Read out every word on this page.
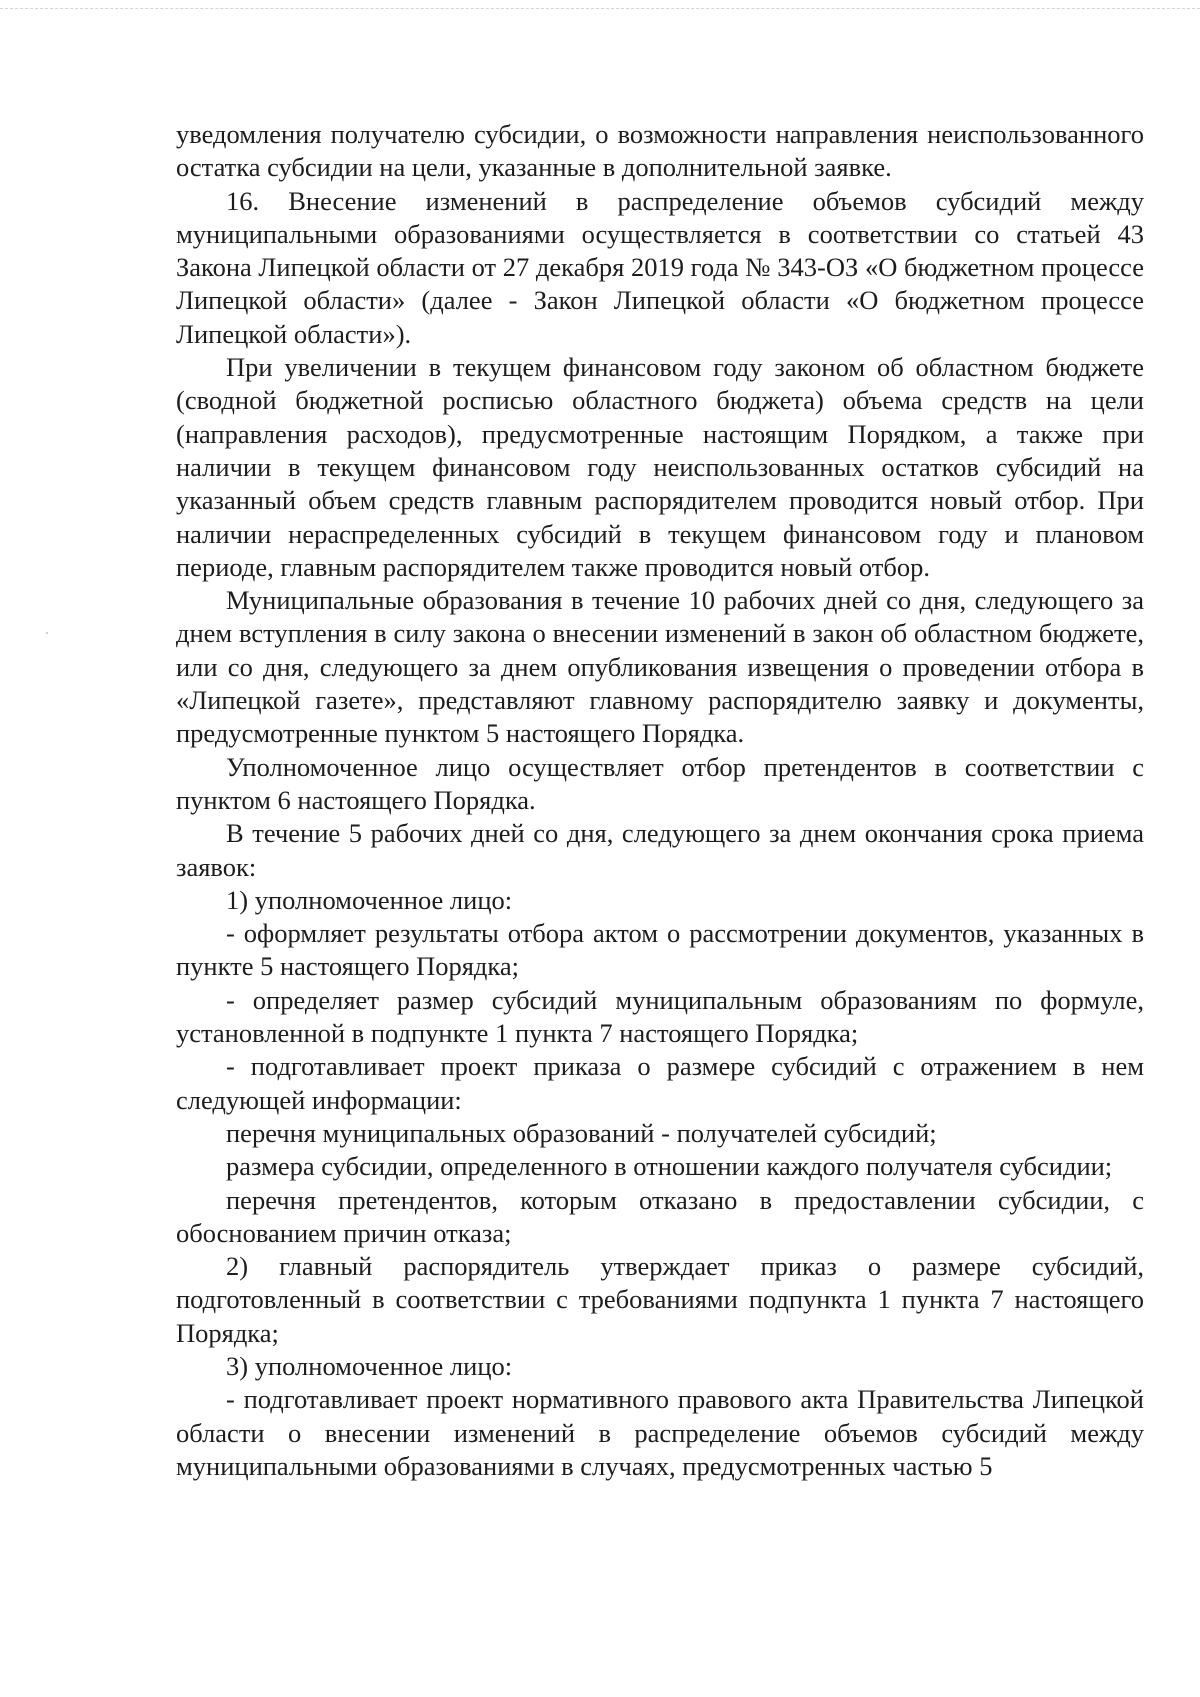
уведомления получателю субсидии, о возможности направления неиспользованного остатка субсидии на цели, указанные в дополнительной заявке.

16. Внесение изменений в распределение объемов субсидий между муниципальными образованиями осуществляется в соответствии со статьей 43 Закона Липецкой области от 27 декабря 2019 года № 343-ОЗ «О бюджетном процессе Липецкой области» (далее - Закон Липецкой области «О бюджетном процессе Липецкой области»).

При увеличении в текущем финансовом году законом об областном бюджете (сводной бюджетной росписью областного бюджета) объема средств на цели (направления расходов), предусмотренные настоящим Порядком, а также при наличии в текущем финансовом году неиспользованных остатков субсидий на указанный объем средств главным распорядителем проводится новый отбор. При наличии нераспределенных субсидий в текущем финансовом году и плановом периоде, главным распорядителем также проводится новый отбор.

Муниципальные образования в течение 10 рабочих дней со дня, следующего за днем вступления в силу закона о внесении изменений в закон об областном бюджете, или со дня, следующего за днем опубликования извещения о проведении отбора в «Липецкой газете», представляют главному распорядителю заявку и документы, предусмотренные пунктом 5 настоящего Порядка.

Уполномоченное лицо осуществляет отбор претендентов в соответствии с пунктом 6 настоящего Порядка.

В течение 5 рабочих дней со дня, следующего за днем окончания срока приема заявок:

1) уполномоченное лицо:

- оформляет результаты отбора актом о рассмотрении документов, указанных в пункте 5 настоящего Порядка;

- определяет размер субсидий муниципальным образованиям по формуле, установленной в подпункте 1 пункта 7 настоящего Порядка;

- подготавливает проект приказа о размере субсидий с отражением в нем следующей информации:

перечня муниципальных образований - получателей субсидий;

размера субсидии, определенного в отношении каждого получателя субсидии;

перечня претендентов, которым отказано в предоставлении субсидии, с обоснованием причин отказа;

2) главный распорядитель утверждает приказ о размере субсидий, подготовленный в соответствии с требованиями подпункта 1 пункта 7 настоящего Порядка;

3) уполномоченное лицо:

- подготавливает проект нормативного правового акта Правительства Липецкой области о внесении изменений в распределение объемов субсидий между муниципальными образованиями в случаях, предусмотренных частью 5
